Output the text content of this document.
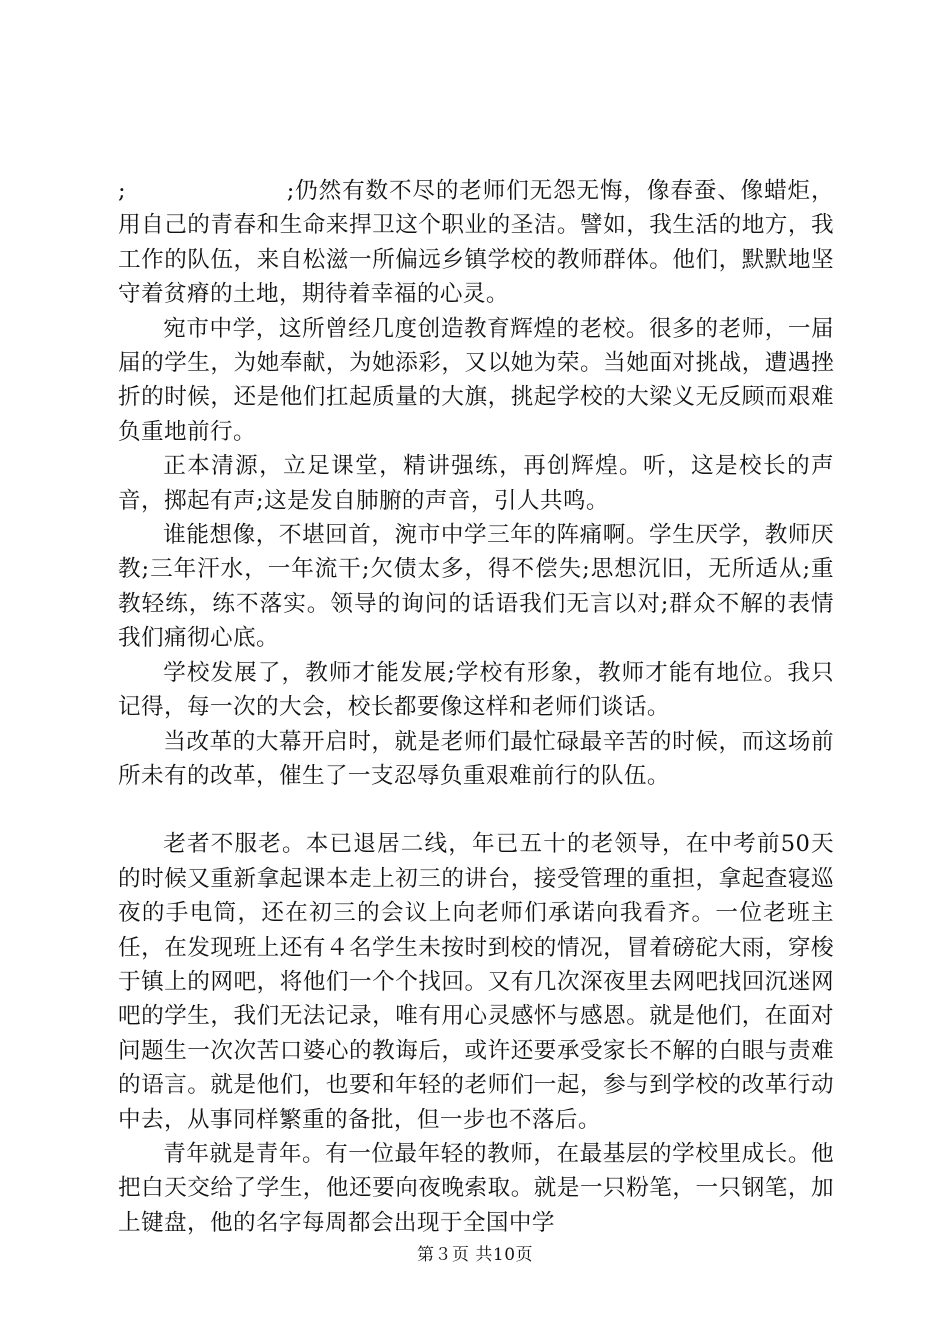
;                    ;仍然有数不尽的老师们无怨无悔，像春蚕、像蜡炬，用自己的青春和生命来捍卫这个职业的圣洁。譬如，我生活的地方，我工作的队伍，来自松滋一所偏远乡镇学校的教师群体。他们，默默地坚守着贫瘠的土地，期待着幸福的心灵。

宛市中学，这所曾经几度创造教育辉煌的老校。很多的老师，一届届的学生，为她奉献，为她添彩，又以她为荣。当她面对挑战，遭遇挫折的时候，还是他们扛起质量的大旗，挑起学校的大梁义无反顾而艰难负重地前行。

正本清源，立足课堂，精讲强练，再创辉煌。听，这是校长的声音，掷起有声;这是发自肺腑的声音，引人共鸣。

谁能想像，不堪回首，涴市中学三年的阵痛啊。学生厌学，教师厌教;三年汗水，一年流干;欠债太多，得不偿失;思想沉旧，无所适从;重教轻练，练不落实。领导的询问的话语我们无言以对;群众不解的表情我们痛彻心底。

学校发展了，教师才能发展;学校有形象，教师才能有地位。我只记得，每一次的大会，校长都要像这样和老师们谈话。

当改革的大幕开启时，就是老师们最忙碌最辛苦的时候，而这场前所未有的改革，催生了一支忍辱负重艰难前行的队伍。

老者不服老。本已退居二线，年已五十的老领导，在中考前50天的时候又重新拿起课本走上初三的讲台，接受管理的重担，拿起查寝巡夜的手电筒，还在初三的会议上向老师们承诺向我看齐。一位老班主任，在发现班上还有４名学生未按时到校的情况，冒着磅砣大雨，穿梭于镇上的网吧，将他们一个个找回。又有几次深夜里去网吧找回沉迷网吧的学生，我们无法记录，唯有用心灵感怀与感恩。就是他们，在面对问题生一次次苦口婆心的教诲后，或许还要承受家长不解的白眼与责难的语言。就是他们，也要和年轻的老师们一起，参与到学校的改革行动中去，从事同样繁重的备批，但一步也不落后。

青年就是青年。有一位最年轻的教师，在最基层的学校里成长。他把白天交给了学生，他还要向夜晚索取。就是一只粉笔，一只钢笔，加上键盘，他的名字每周都会出现于全国中学

第３页 共10页
